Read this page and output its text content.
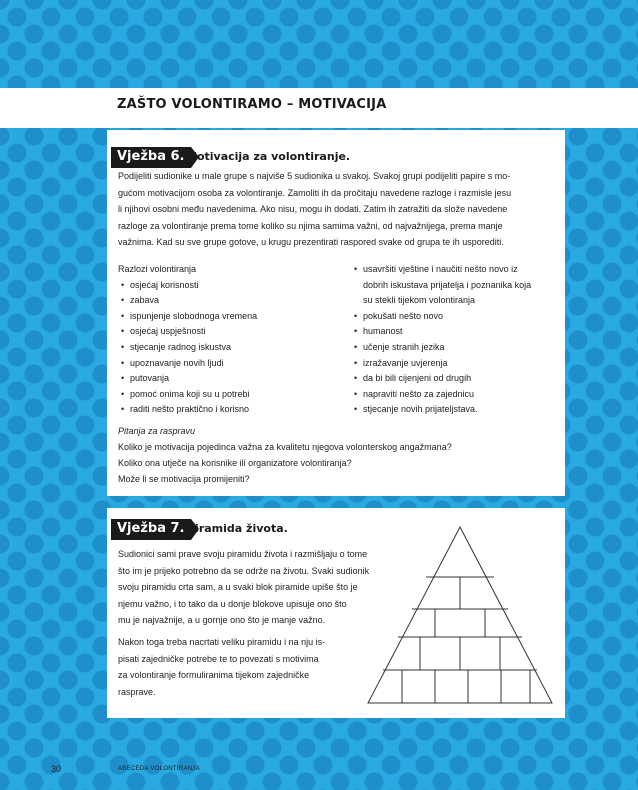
ZAŠTO VOLONTIRAMO – MOTIVACIJA
Vježba 6. Motivacija za volontiranje.
Podijeliti sudionike u male grupe s najviše 5 sudionika u svakoj. Svakoj grupi podijeliti papire s mo-
gućom motivacijom osoba za volontiranje. Zamoliti ih da pročitaju navedene razloge i razmisle jesu
li njihovi osobni među navedenima. Ako nisu, mogu ih dodati. Zatim ih zatražiti da slože navedene
razloge za volontiranje prema tome koliko su njima samima važni, od najvažnijega, prema manje
važnima. Kad su sve grupe gotove, u krugu prezentirati raspored svake od grupa te ih usporediti.
Razlozi volontiranja
• osjećaj korisnosti
• zabava
• ispunjenje slobodnoga vremena
• osjećaj uspješnosti
• stjecanje radnog iskustva
• upoznavanje novih ljudi
• putovanja
• pomoć onima koji su u potrebi
• raditi nešto praktično i korisno
• usavršiti vještine i naučiti nešto novo iz
dobrih iskustava prijatelja i poznanika koja
su stekli tijekom volontiranja
• pokušati nešto novo
• humanost
• učenje stranih jezika
• izražavanje uvjerenja
• da bi bili cijenjeni od drugih
• napraviti nešto za zajednicu
• stjecanje novih prijateljstava.
Pitanja za raspravu
Koliko je motivacija pojedinca važna za kvalitetu njegova volonterskog angažmana?
Koliko ona utječe na korisnike ili organizatore volontiranja?
Može li se motivacija promijeniti?
Vježba 7. Piramida života.
Sudionici sami prave svoju piramidu života i razmišljaju o tome
što im je prijeko potrebno da se održe na životu. Svaki sudionik
svoju piramidu crta sam, a u svaki blok piramide upiše što je
njemu važno, i to tako da u donje blokove upisuje ono što
mu je najvažnije, a u gornje ono što je manje važno.
Nakon toga treba nacrtati veliku piramidu i na nju is-
pisati zajedničke potrebe te to povezati s motivima
za volontiranje formuliranima tijekom zajedničke
rasprave.
30 |	ABECEDA VOLONTIRANJA
